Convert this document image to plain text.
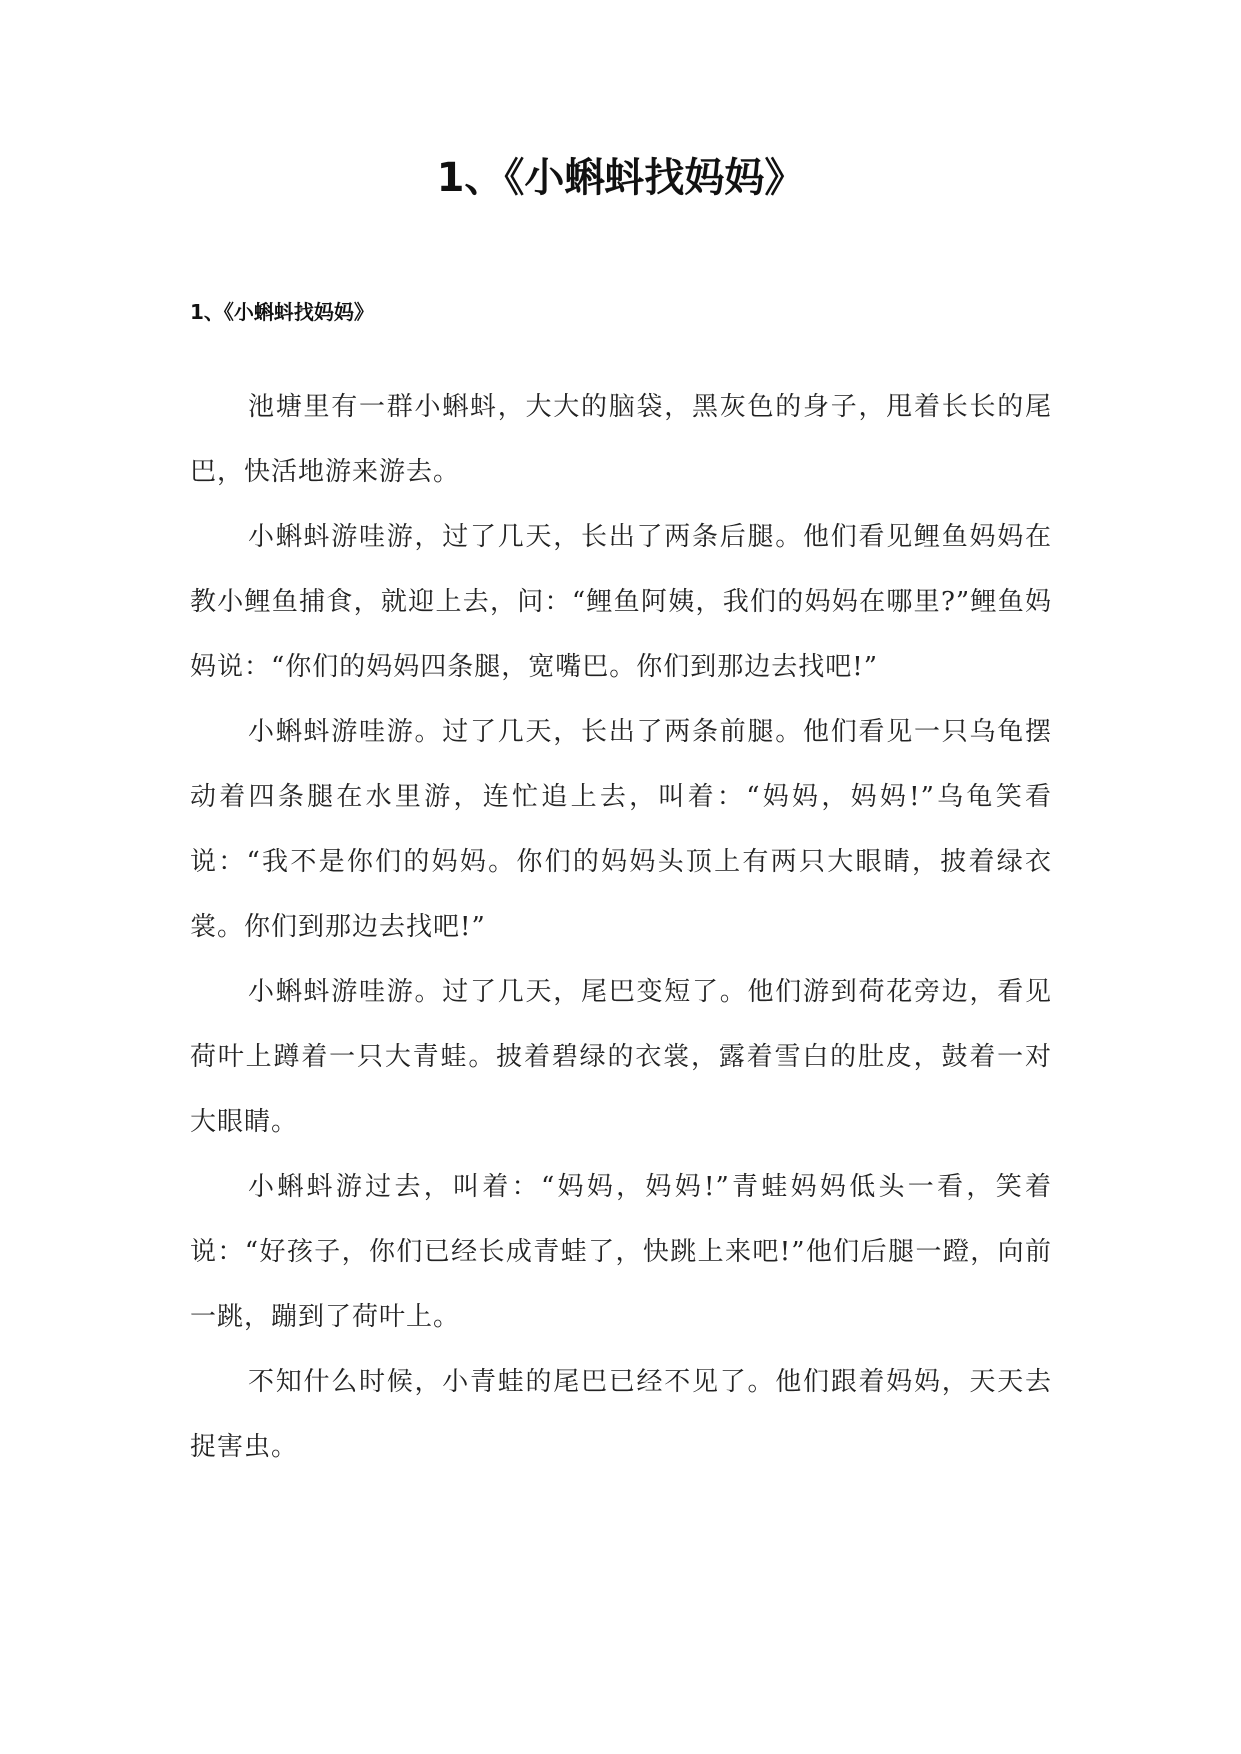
1、《小蝌蚪找妈妈》
1、《小蝌蚪找妈妈》

池塘里有一群小蝌蚪，大大的脑袋，黑灰色的身子，甩着长长的尾巴，快活地游来游去。

小蝌蚪游哇游，过了几天，长出了两条后腿。他们看见鲤鱼妈妈在教小鲤鱼捕食，就迎上去，问：“鲤鱼阿姨，我们的妈妈在哪里?”鲤鱼妈妈说：“你们的妈妈四条腿，宽嘴巴。你们到那边去找吧!”

小蝌蚪游哇游。过了几天，长出了两条前腿。他们看见一只乌龟摆动着四条腿在水里游，连忙追上去，叫着：“妈妈，妈妈!”乌龟笑看说：“我不是你们的妈妈。你们的妈妈头顶上有两只大眼睛，披着绿衣裳。你们到那边去找吧!”

小蝌蚪游哇游。过了几天，尾巴变短了。他们游到荷花旁边，看见荷叶上蹲着一只大青蛙。披着碧绿的衣裳，露着雪白的肚皮，鼓着一对大眼睛。

小蝌蚪游过去，叫着：“妈妈，妈妈!”青蛙妈妈低头一看，笑着说：“好孩子，你们已经长成青蛙了，快跳上来吧!”他们后腿一蹬，向前一跳，蹦到了荷叶上。

不知什么时候，小青蛙的尾巴已经不见了。他们跟着妈妈，天天去捉害虫。
